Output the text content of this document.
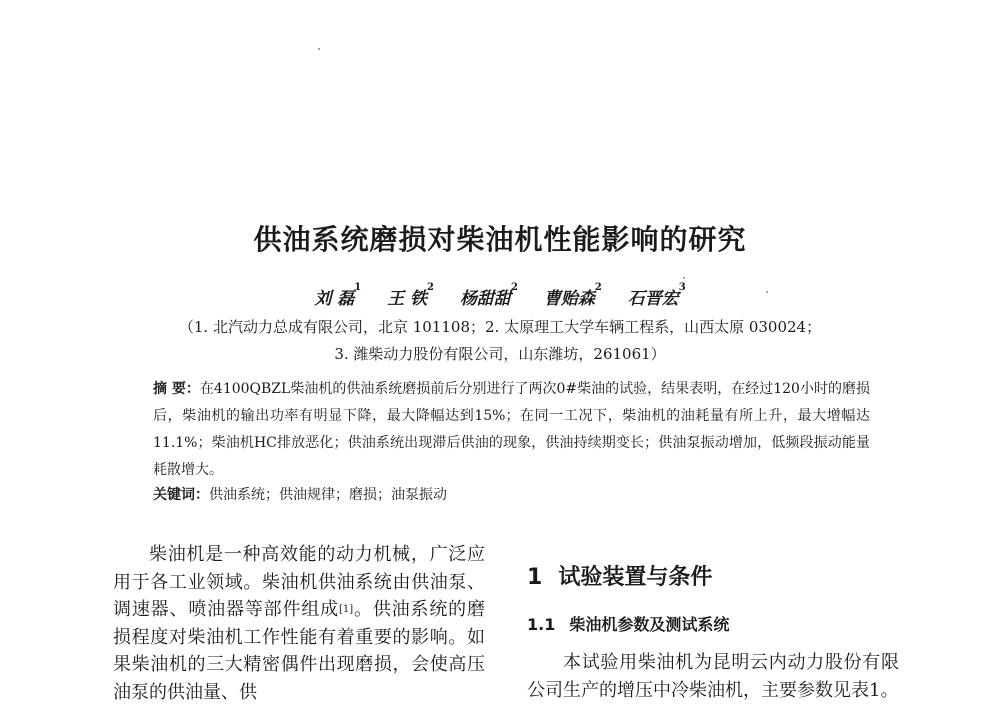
供油系统磨损对柴油机性能影响的研究
刘 磊$^1$ 王 铁$^2$ 杨甜甜$^2$ 曹贻森$^2$ 石晋宏$^3$
（1. 北汽动力总成有限公司，北京 101108；2. 太原理工大学车辆工程系，山西太原 030024；
3. 潍柴动力股份有限公司，山东潍坊，261061）
摘 要：在4100QBZL柴油机的供油系统磨损前后分别进行了两次0#柴油的试验，结果表明，在经过120小时的磨损后，柴油机的输出功率有明显下降，最大降幅达到15%；在同一工况下，柴油机的油耗量有所上升，最大增幅达11.1%；柴油机HC排放恶化；供油系统出现滞后供油的现象，供油持续期变长；供油泵振动增加，低频段振动能量耗散增大。
关键词：供油系统；供油规律；磨损；油泵振动
柴油机是一种高效能的动力机械，广泛应用于各工业领域。柴油机供油系统由供油泵、调速器、喷油器等部件组成[1]。供油系统的磨损程度对柴油机工作性能有着重要的影响。如果柴油机的三大精密偶件出现磨损，会使高压油泵的供油量、供
1 试验装置与条件
1.1 柴油机参数及测试系统
本试验用柴油机为昆明云内动力股份有限公司生产的增压中冷柴油机，主要参数见表1。
